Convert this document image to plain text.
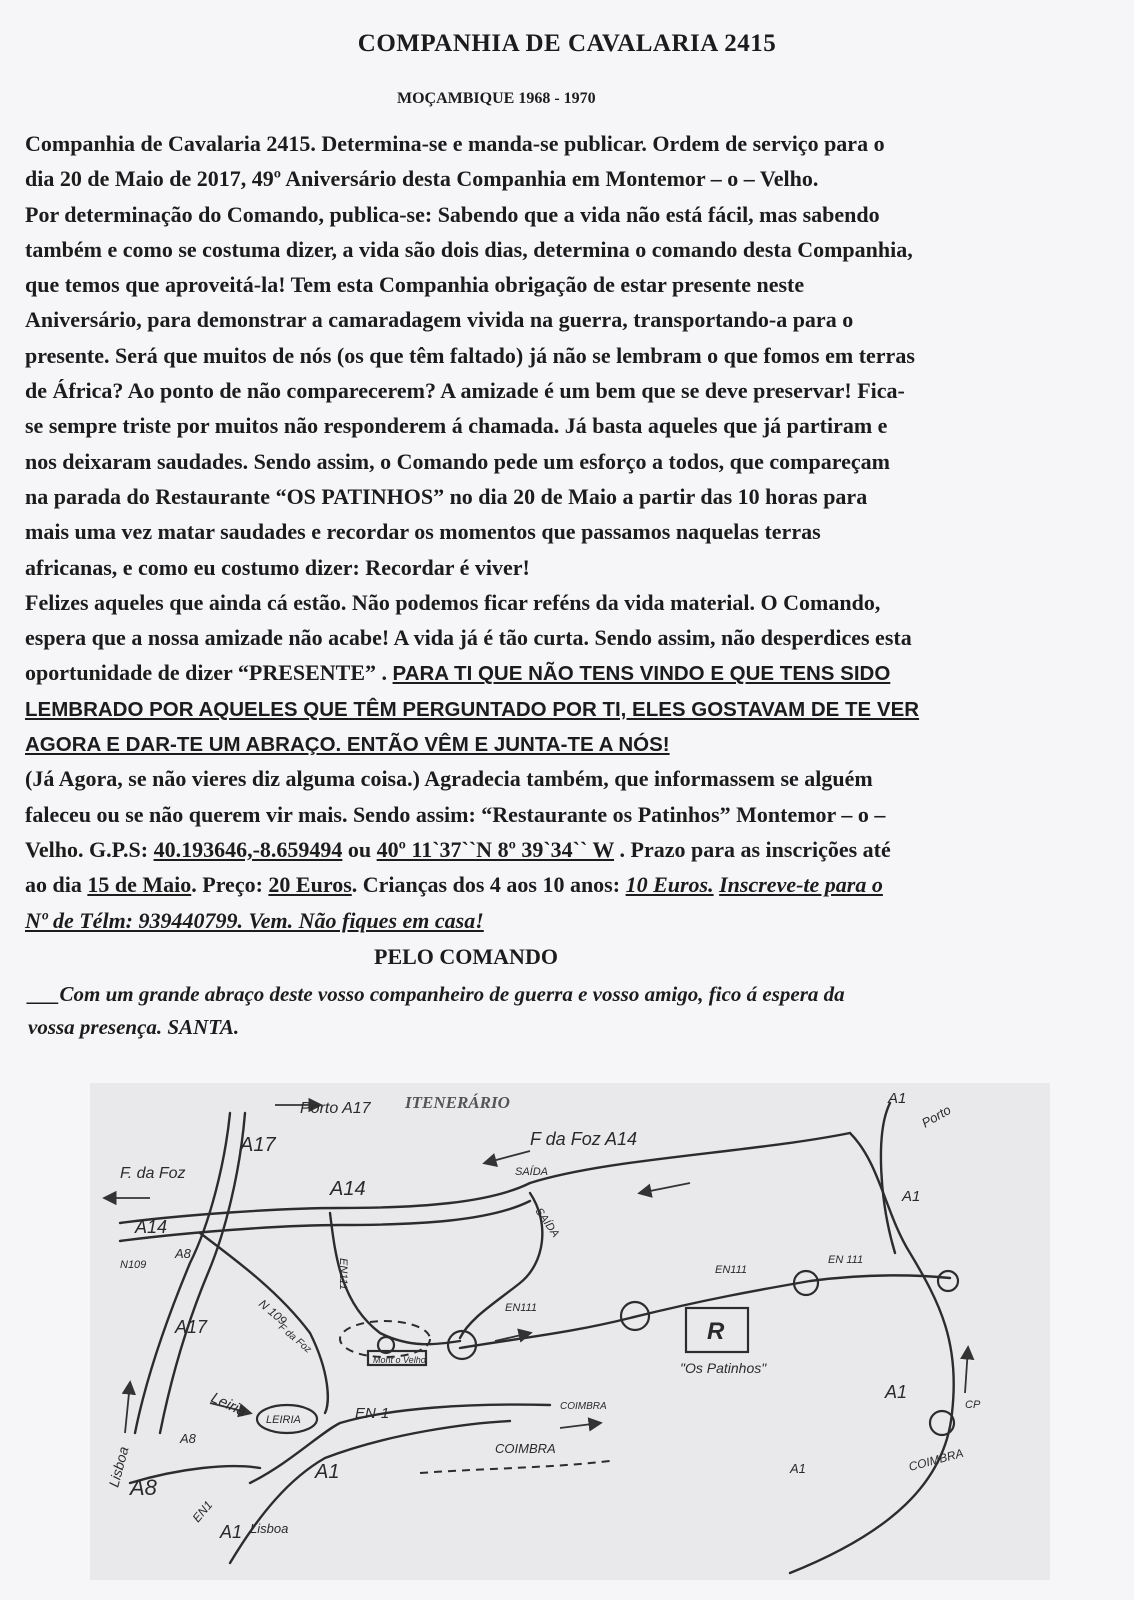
COMPANHIA DE CAVALARIA 2415
MOÇAMBIQUE 1968 - 1970
Companhia de Cavalaria 2415. Determina-se e manda-se publicar. Ordem de serviço para o
dia 20 de Maio de 2017, 49º Aniversário desta Companhia em Montemor – o – Velho.
Por determinação do Comando, publica-se: Sabendo que a vida não está fácil, mas sabendo
também e como se costuma dizer, a vida são dois dias, determina o comando desta Companhia,
que temos que aproveitá-la! Tem esta Companhia obrigação de estar presente neste
Aniversário, para demonstrar a camaradagem vivida na guerra, transportando-a para o
presente. Será que muitos de nós (os que têm faltado) já não se lembram o que fomos em terras
de África? Ao ponto de não comparecerem? A amizade é um bem que se deve preservar! Fica-
se sempre triste por muitos não responderem á chamada. Já basta aqueles que já partiram e
nos deixaram saudades. Sendo assim, o Comando pede um esforço a todos, que compareçam
na parada do Restaurante “OS PATINHOS” no dia 20 de Maio a partir das 10 horas para
mais uma vez matar saudades e recordar os momentos que passamos naquelas terras
africanas, e como eu costumo dizer: Recordar é viver!
Felizes aqueles que ainda cá estão. Não podemos ficar reféns da vida material. O Comando,
espera que a nossa amizade não acabe! A vida já é tão curta. Sendo assim, não desperdices esta
oportunidade de dizer “PRESENTE” . PARA TI QUE NÃO TENS VINDO E QUE TENS SIDO
LEMBRADO POR AQUELES QUE TÊM PERGUNTADO POR TI, ELES GOSTAVAM DE TE VER
AGORA E DAR-TE UM ABRAÇO. ENTÃO VÊM E JUNTA-TE A NÓS!
(Já Agora, se não vieres diz alguma coisa.) Agradecia também, que informassem se alguém
faleceu ou se não querem vir mais. Sendo assim: “Restaurante os Patinhos” Montemor – o –
Velho. G.P.S: 40.193646,-8.659494 ou 40º 11`37``N 8º 39`34`` W . Prazo para as inscrições até
ao dia 15 de Maio. Preço: 20 Euros. Crianças dos 4 aos 10 anos: 10 Euros. Inscreve-te para o
Nº de Télm: 939440799. Vem. Não fiques em casa!
PELO COMANDO
___Com um grande abraço deste vosso companheiro de guerra e vosso amigo, fico á espera da
vossa presença. SANTA.
ITENERÁRIO
Porto A17
A17	F da Foz A14
F. da Foz
A14
A14
SAÍDA
SAÍDA
A8
N109	EN111
N 109
F da Foz
A17
Mont o Velho
EN111
EN111
EN 111
R
"Os Patinhos"
A1
Porto
A1
A1
CP
COIMBRA
A1
Leiria LEIRIA	EN-1	COIMBRA
COIMBRA
Lisboa
A8
A8
EN1
A1
A1 Lisboa
